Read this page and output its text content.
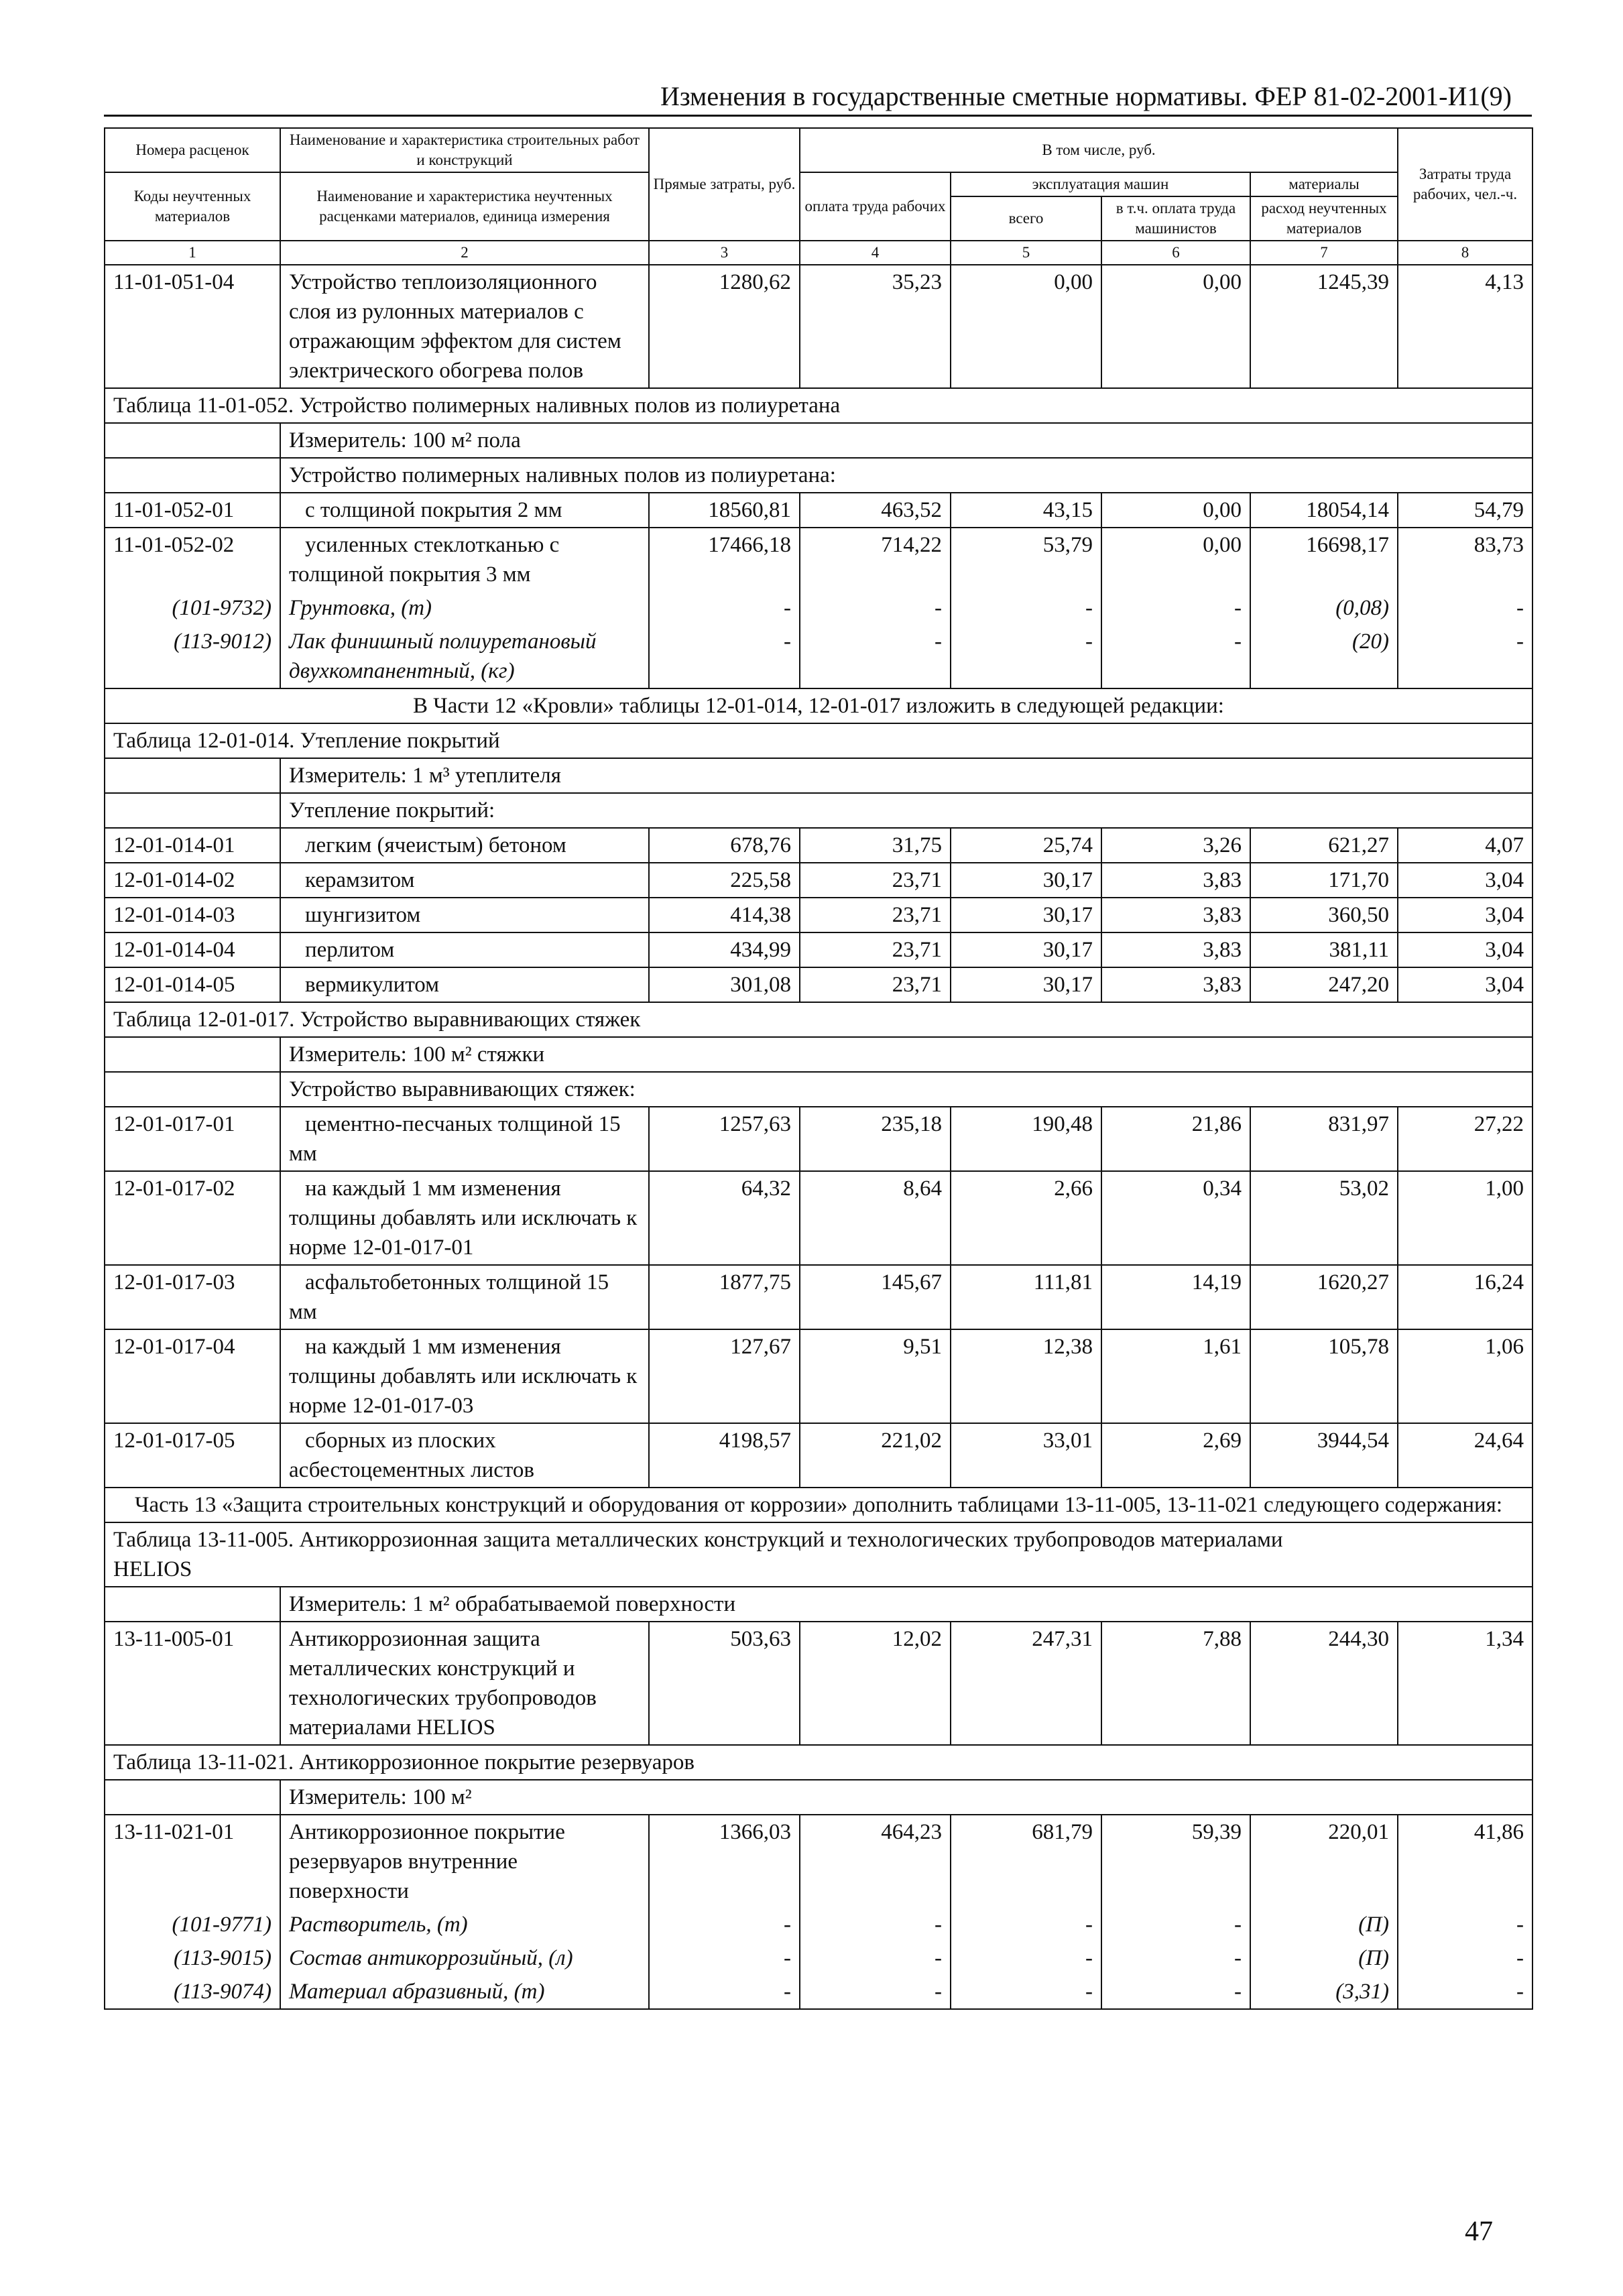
Изменения в государственные сметные нормативы. ФЕР 81-02-2001-И1(9)
Номера расценок	Наименование и характеристика строительных работ и конструкций	Прямые затраты, руб.	В том числе, руб.				Затраты труда рабочих, чел.-ч.
Коды неучтенных материалов	Наименование и характеристика неучтенных расценками материалов, единица измерения		оплата труда рабочих	эксплуатация машин		материалы	
				всего	в т.ч. оплата труда машинистов	расход неучтенных материалов	
1	2	3	4	5	6	7	8
11-01-051-04	Устройство теплоизоляционного слоя из рулонных материалов с отражающим эффектом для систем электрического обогрева полов	1280,62	35,23	0,00	0,00	1245,39	4,13
Таблица 11-01-052. Устройство полимерных наливных полов из полиуретана							
	Измеритель: 100 м² пола						
	Устройство полимерных наливных полов из полиуретана:						
11-01-052-01	с толщиной покрытия 2 мм	18560,81	463,52	43,15	0,00	18054,14	54,79
11-01-052-02	усиленных стеклотканью с толщиной покрытия 3 мм	17466,18	714,22	53,79	0,00	16698,17	83,73
(101-9732)	Грунтовка, (т)	-	-	-	-	(0,08)	-
(113-9012)	Лак финишный полиуретановый двухкомпанентный, (кг)	-	-	-	-	(20)	-
В Части 12 «Кровли» таблицы 12-01-014, 12-01-017 изложить в следующей редакции:							
Таблица 12-01-014. Утепление покрытий							
	Измеритель: 1 м³ утеплителя						
	Утепление покрытий:						
12-01-014-01	легким (ячеистым) бетоном	678,76	31,75	25,74	3,26	621,27	4,07
12-01-014-02	керамзитом	225,58	23,71	30,17	3,83	171,70	3,04
12-01-014-03	шунгизитом	414,38	23,71	30,17	3,83	360,50	3,04
12-01-014-04	перлитом	434,99	23,71	30,17	3,83	381,11	3,04
12-01-014-05	вермикулитом	301,08	23,71	30,17	3,83	247,20	3,04
Таблица 12-01-017. Устройство выравнивающих стяжек							
	Измеритель: 100 м² стяжки						
	Устройство выравнивающих стяжек:						
12-01-017-01	цементно-песчаных толщиной 15 мм	1257,63	235,18	190,48	21,86	831,97	27,22
12-01-017-02	на каждый 1 мм изменения толщины добавлять или исключать к норме 12-01-017-01	64,32	8,64	2,66	0,34	53,02	1,00
12-01-017-03	асфальтобетонных толщиной 15 мм	1877,75	145,67	111,81	14,19	1620,27	16,24
12-01-017-04	на каждый 1 мм изменения толщины добавлять или исключать к норме 12-01-017-03	127,67	9,51	12,38	1,61	105,78	1,06
12-01-017-05	сборных из плоских асбестоцементных листов	4198,57	221,02	33,01	2,69	3944,54	24,64
Часть 13 «Защита строительных конструкций и оборудования от коррозии» дополнить таблицами 13-11-005, 13-11-021 следующего содержания:							
Таблица 13-11-005. Антикоррозионная защита металлических конструкций и технологических трубопроводов материалами HELIOS							
	Измеритель: 1 м² обрабатываемой поверхности						
13-11-005-01	Антикоррозионная защита металлических конструкций и технологических трубопроводов материалами HELIOS	503,63	12,02	247,31	7,88	244,30	1,34
Таблица 13-11-021. Антикоррозионное покрытие резервуаров							
	Измеритель: 100 м²						
13-11-021-01	Антикоррозионное покрытие резервуаров внутренние поверхности	1366,03	464,23	681,79	59,39	220,01	41,86
(101-9771)	Растворитель, (т)	-	-	-	-	(П)	-
(113-9015)	Состав антикоррозийный, (л)	-	-	-	-	(П)	-
(113-9074)	Материал абразивный, (т)	-	-	-	-	(3,31)	-
47
